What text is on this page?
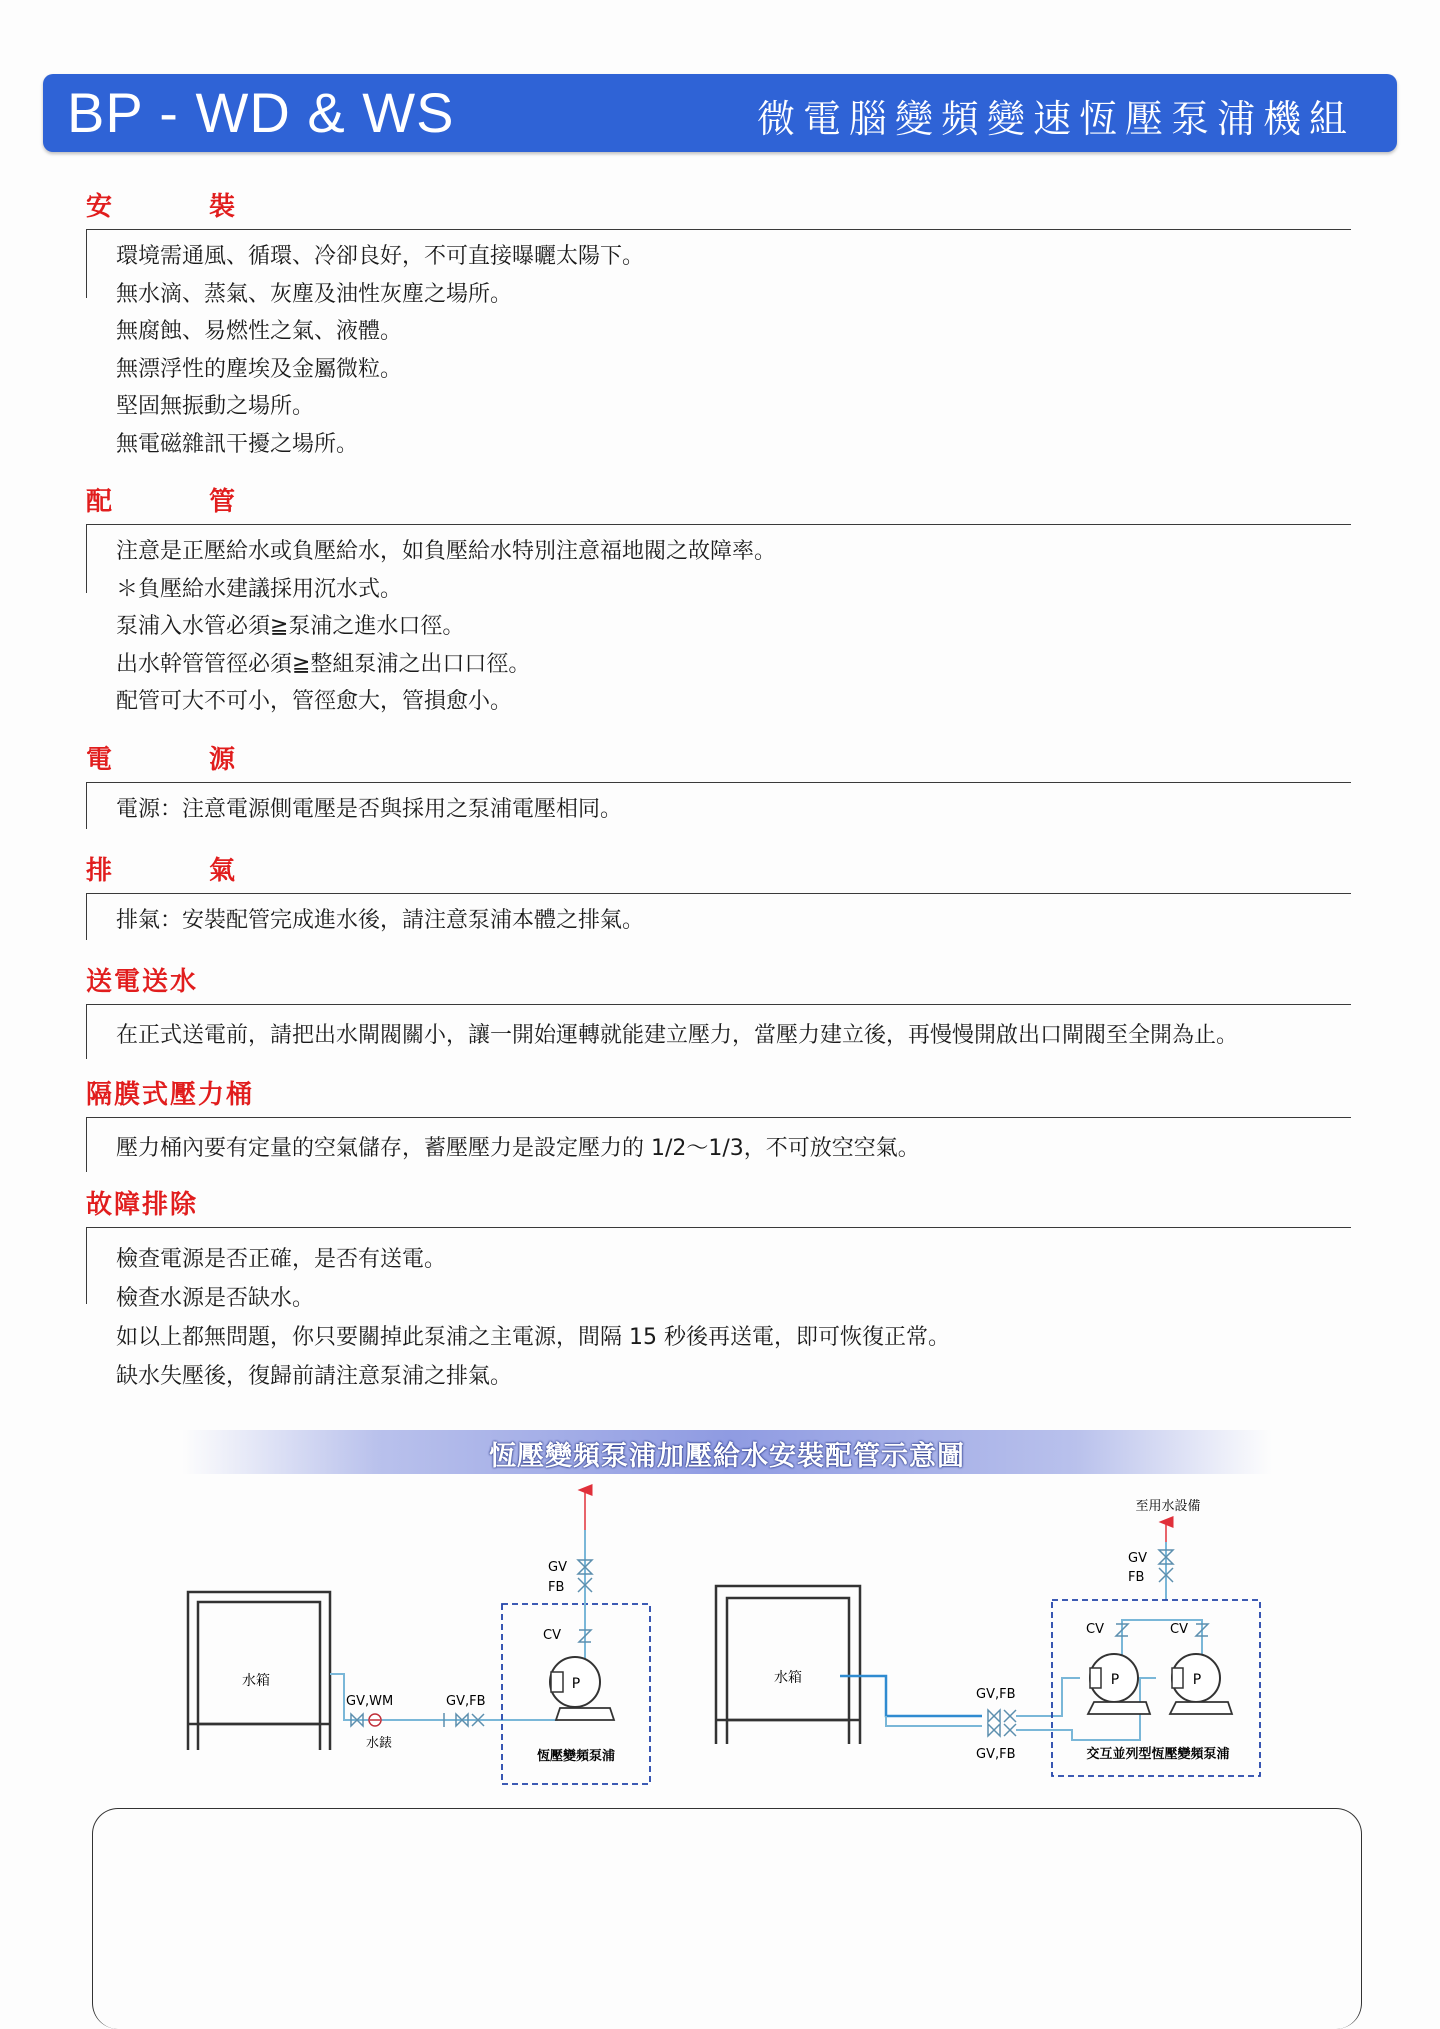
BP - WD & WS	微電腦變頻變速恆壓泵浦機組
安 裝
環境需通風、循環、冷卻良好，不可直接曝曬太陽下。
無水滴、蒸氣、灰塵及油性灰塵之場所。
無腐蝕、易燃性之氣、液體。
無漂浮性的塵埃及金屬微粒。
堅固無振動之場所。
無電磁雜訊干擾之場所。
配 管
注意是正壓給水或負壓給水，如負壓給水特別注意福地閥之故障率。
＊負壓給水建議採用沉水式。
泵浦入水管必須≧泵浦之進水口徑。
出水幹管管徑必須≧整組泵浦之出口口徑。
配管可大不可小，管徑愈大，管損愈小。
電 源
電源：注意電源側電壓是否與採用之泵浦電壓相同。
排 氣
排氣：安裝配管完成進水後，請注意泵浦本體之排氣。
送電送水
在正式送電前，請把出水閘閥關小，讓一開始運轉就能建立壓力，當壓力建立後，再慢慢開啟出口閘閥至全開為止。
隔膜式壓力桶
壓力桶內要有定量的空氣儲存，蓄壓壓力是設定壓力的 1/2～1/3，不可放空空氣。
故障排除
檢查電源是否正確，是否有送電。
檢查水源是否缺水。
如以上都無問題，你只要關掉此泵浦之主電源，間隔 15 秒後再送電，即可恢復正常。
缺水失壓後，復歸前請注意泵浦之排氣。
恆壓變頻泵浦加壓給水安裝配管示意圖
水箱
GV,WM
水錶
GV,FB
GV
FB
CV
P
恆壓變頻泵浦
至用水設備
GV
FB
水箱
GV,FB
GV,FB
CV	CV
P	P
交互並列型恆壓變頻泵浦
